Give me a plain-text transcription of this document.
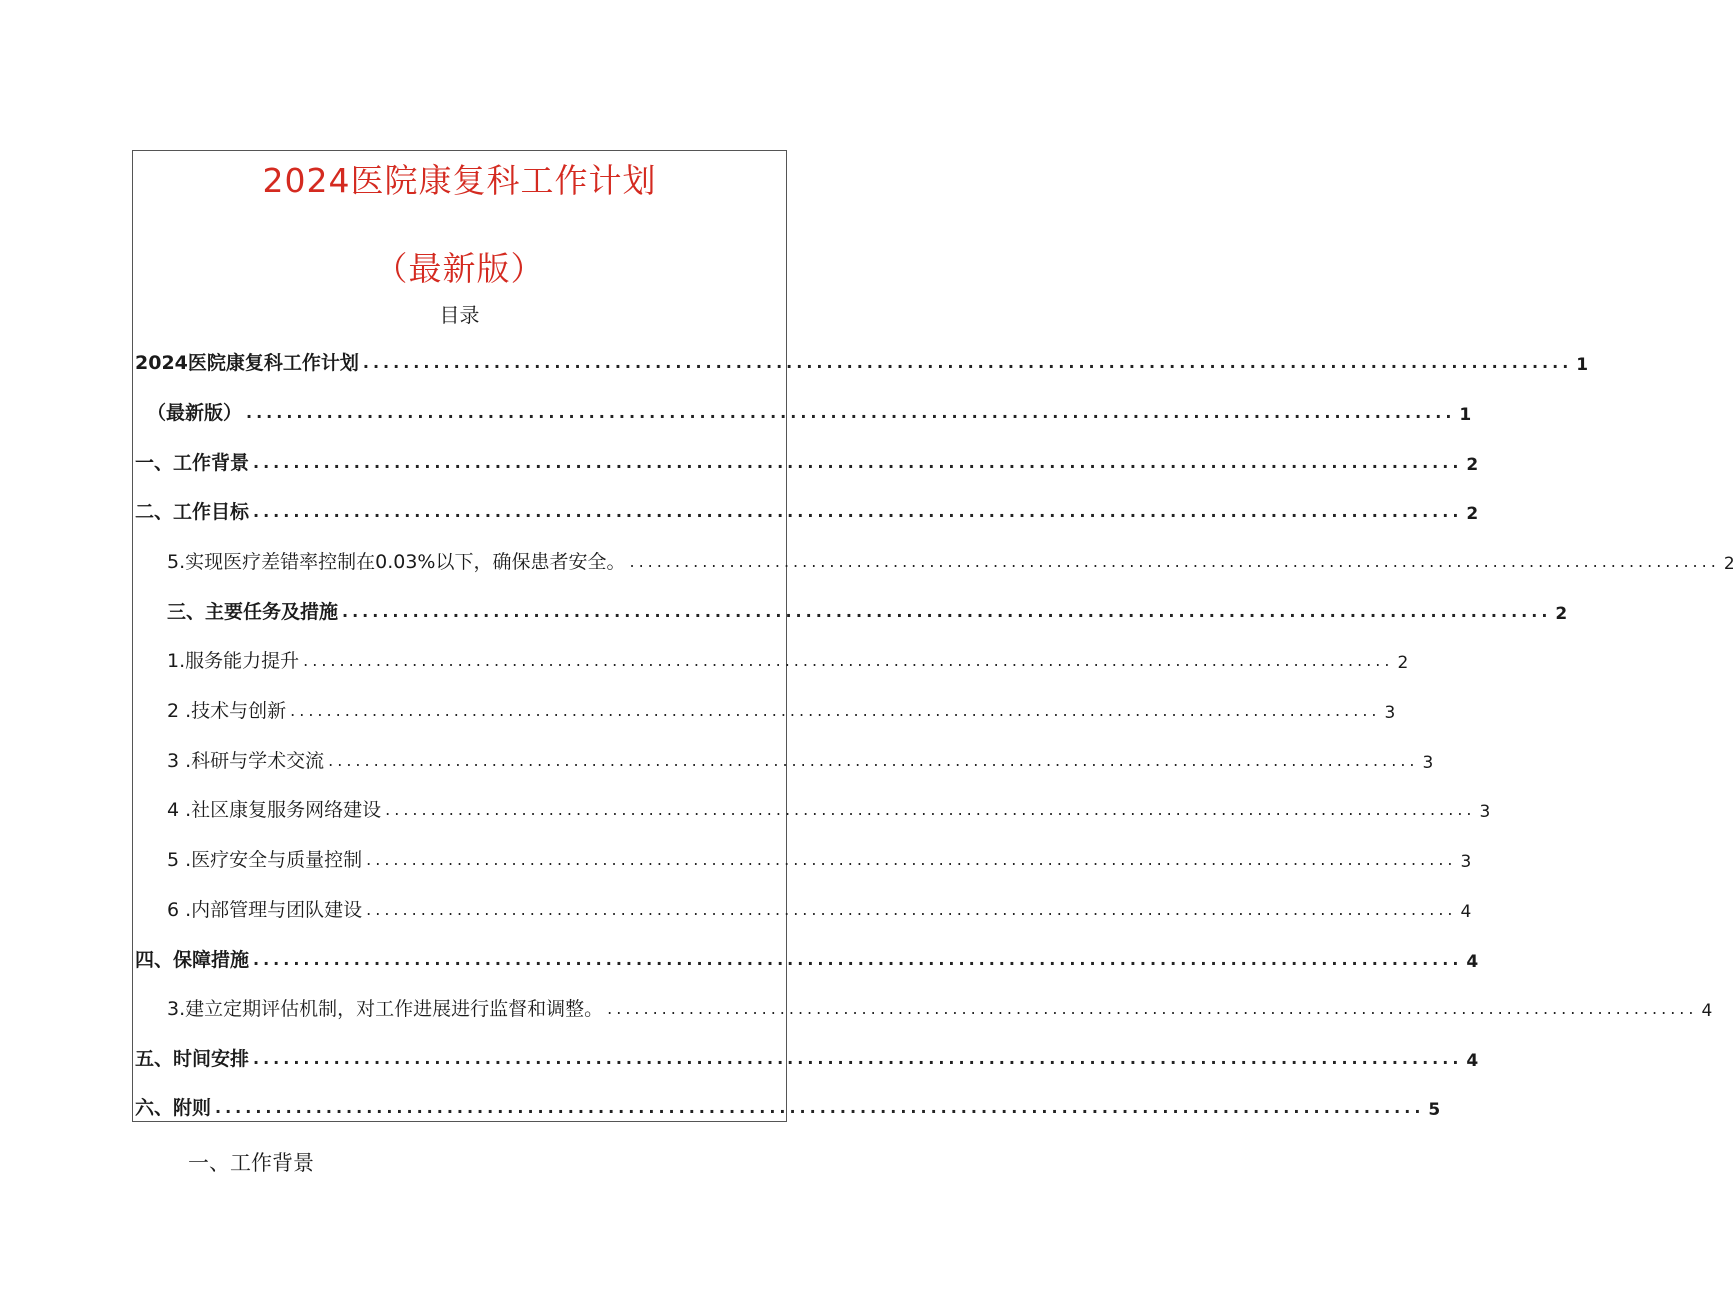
2024医院康复科工作计划
（最新版）
目录
2024医院康复科工作计划 ........................................................................................................................ 1
（最新版） ........................................................................................................................ 1
一、工作背景 ........................................................................................................................ 2
二、工作目标 ........................................................................................................................ 2
5.实现医疗差错率控制在0.03%以下，确保患者安全。 ........................................................................................................................ 2
三、主要任务及措施 ........................................................................................................................ 2
1.服务能力提升 ........................................................................................................................ 2
2 .技术与创新 ........................................................................................................................ 3
3 .科研与学术交流 ........................................................................................................................ 3
4 .社区康复服务网络建设 ........................................................................................................................ 3
5 .医疗安全与质量控制 ........................................................................................................................ 3
6 .内部管理与团队建设 ........................................................................................................................ 4
四、保障措施 ........................................................................................................................ 4
3.建立定期评估机制，对工作进展进行监督和调整。 ........................................................................................................................ 4
五、时间安排 ........................................................................................................................ 4
六、附则 ........................................................................................................................ 5
一、工作背景
